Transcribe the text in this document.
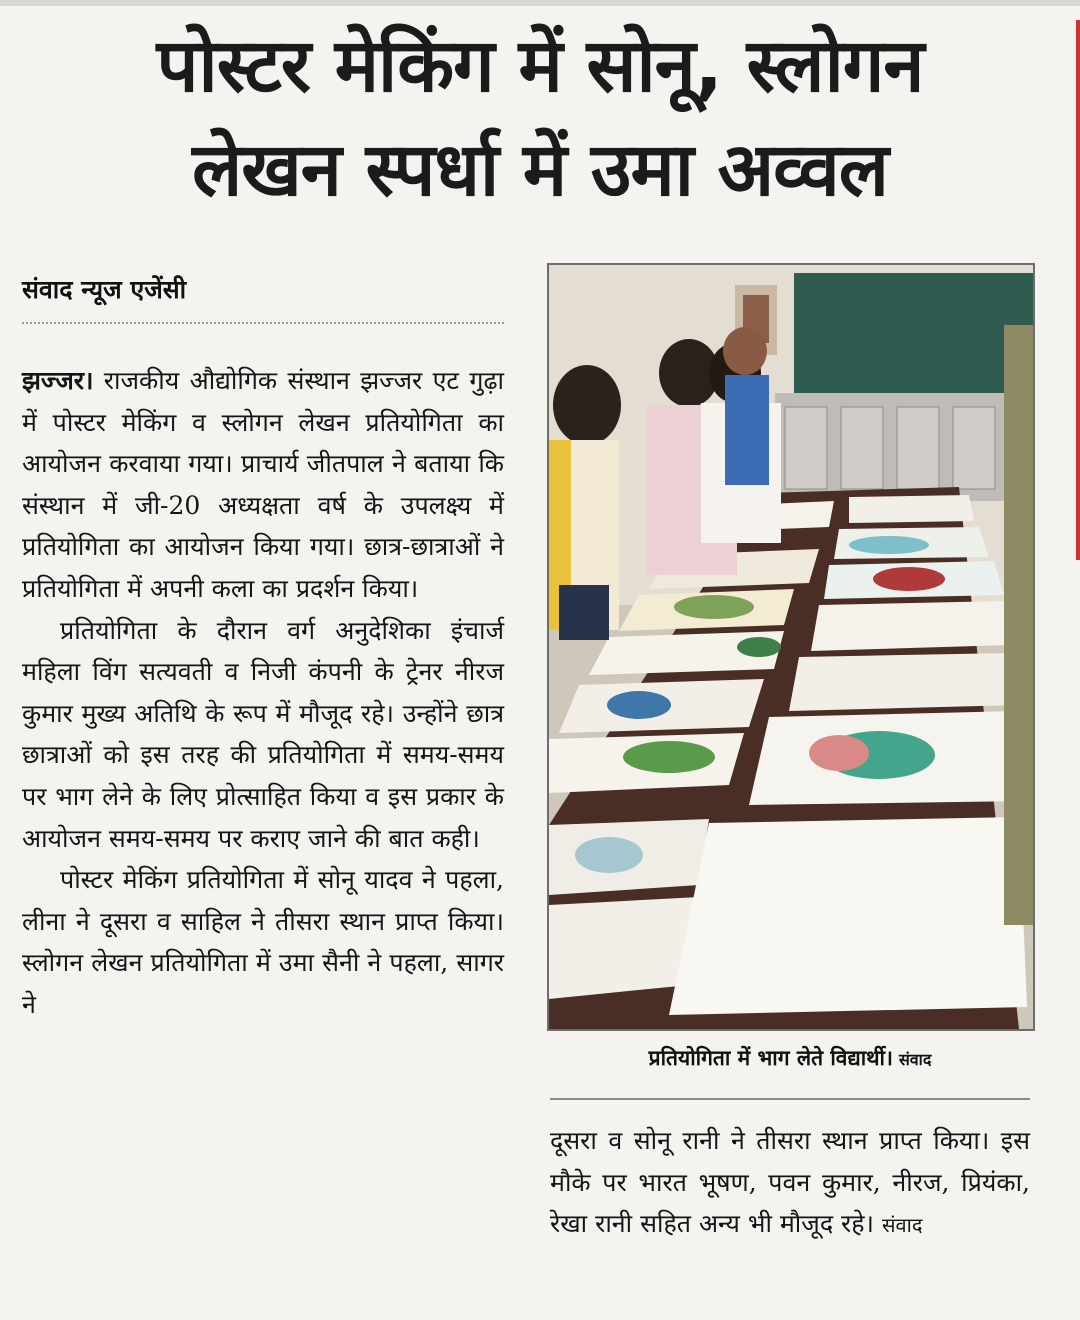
पोस्टर मेकिंग में सोनू, स्लोगन
लेखन स्पर्धा में उमा अव्वल
संवाद न्यूज एजेंसी

झज्जर। राजकीय औद्योगिक संस्थान झज्जर एट गुढ़ा में पोस्टर मेकिंग व स्लोगन लेखन प्रतियोगिता का आयोजन करवाया गया। प्राचार्य जीतपाल ने बताया कि संस्थान में जी-20 अध्यक्षता वर्ष के उपलक्ष्य में प्रतियोगिता का आयोजन किया गया। छात्र-छात्राओं ने प्रतियोगिता में अपनी कला का प्रदर्शन किया।

प्रतियोगिता के दौरान वर्ग अनुदेशिका इंचार्ज महिला विंग सत्यवती व निजी कंपनी के ट्रेनर नीरज कुमार मुख्य अतिथि के रूप में मौजूद रहे। उन्होंने छात्र छात्राओं को इस तरह की प्रतियोगिता में समय-समय पर भाग लेने के लिए प्रोत्साहित किया व इस प्रकार के आयोजन समय-समय पर कराए जाने की बात कही।

पोस्टर मेकिंग प्रतियोगिता में सोनू यादव ने पहला, लीना ने दूसरा व साहिल ने तीसरा स्थान प्राप्त किया। स्लोगन लेखन प्रतियोगिता में उमा सैनी ने पहला, सागर ने

प्रतियोगिता में भाग लेते विद्यार्थी। संवाद

दूसरा व सोनू रानी ने तीसरा स्थान प्राप्त किया। इस मौके पर भारत भूषण, पवन कुमार, नीरज, प्रियंका, रेखा रानी सहित अन्य भी मौजूद रहे। संवाद
